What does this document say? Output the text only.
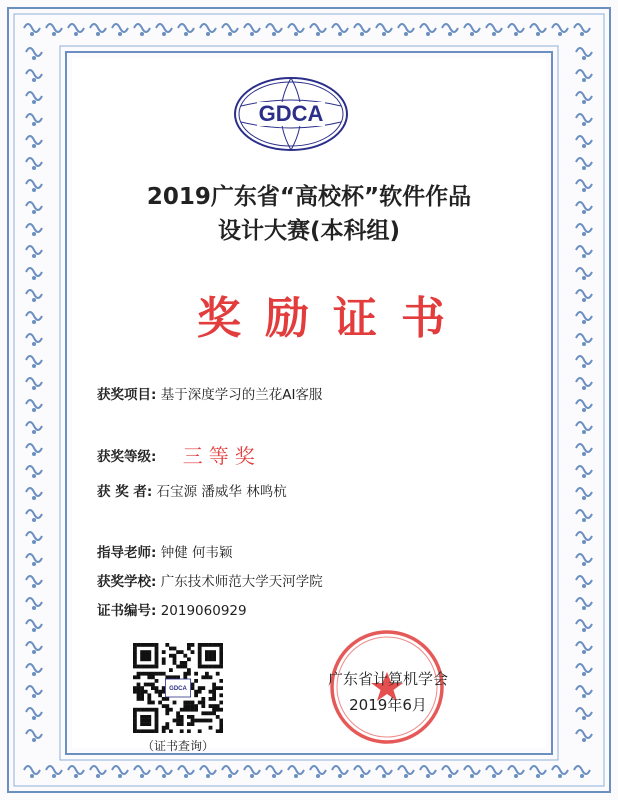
GDCA
2019广东省“高校杯”软件作品
设计大赛(本科组)
奖励证书
获奖项目: 基于深度学习的兰花AI客服
获奖等级: 三等奖
获 奖 者: 石宝源 潘威华 林鸣杭
指导老师: 钟健 何韦颖
获奖学校: 广东技术师范大学天河学院
证书编号: 2019060929
GDCA
（证书查询）
广东省计算机学会
2019年6月
